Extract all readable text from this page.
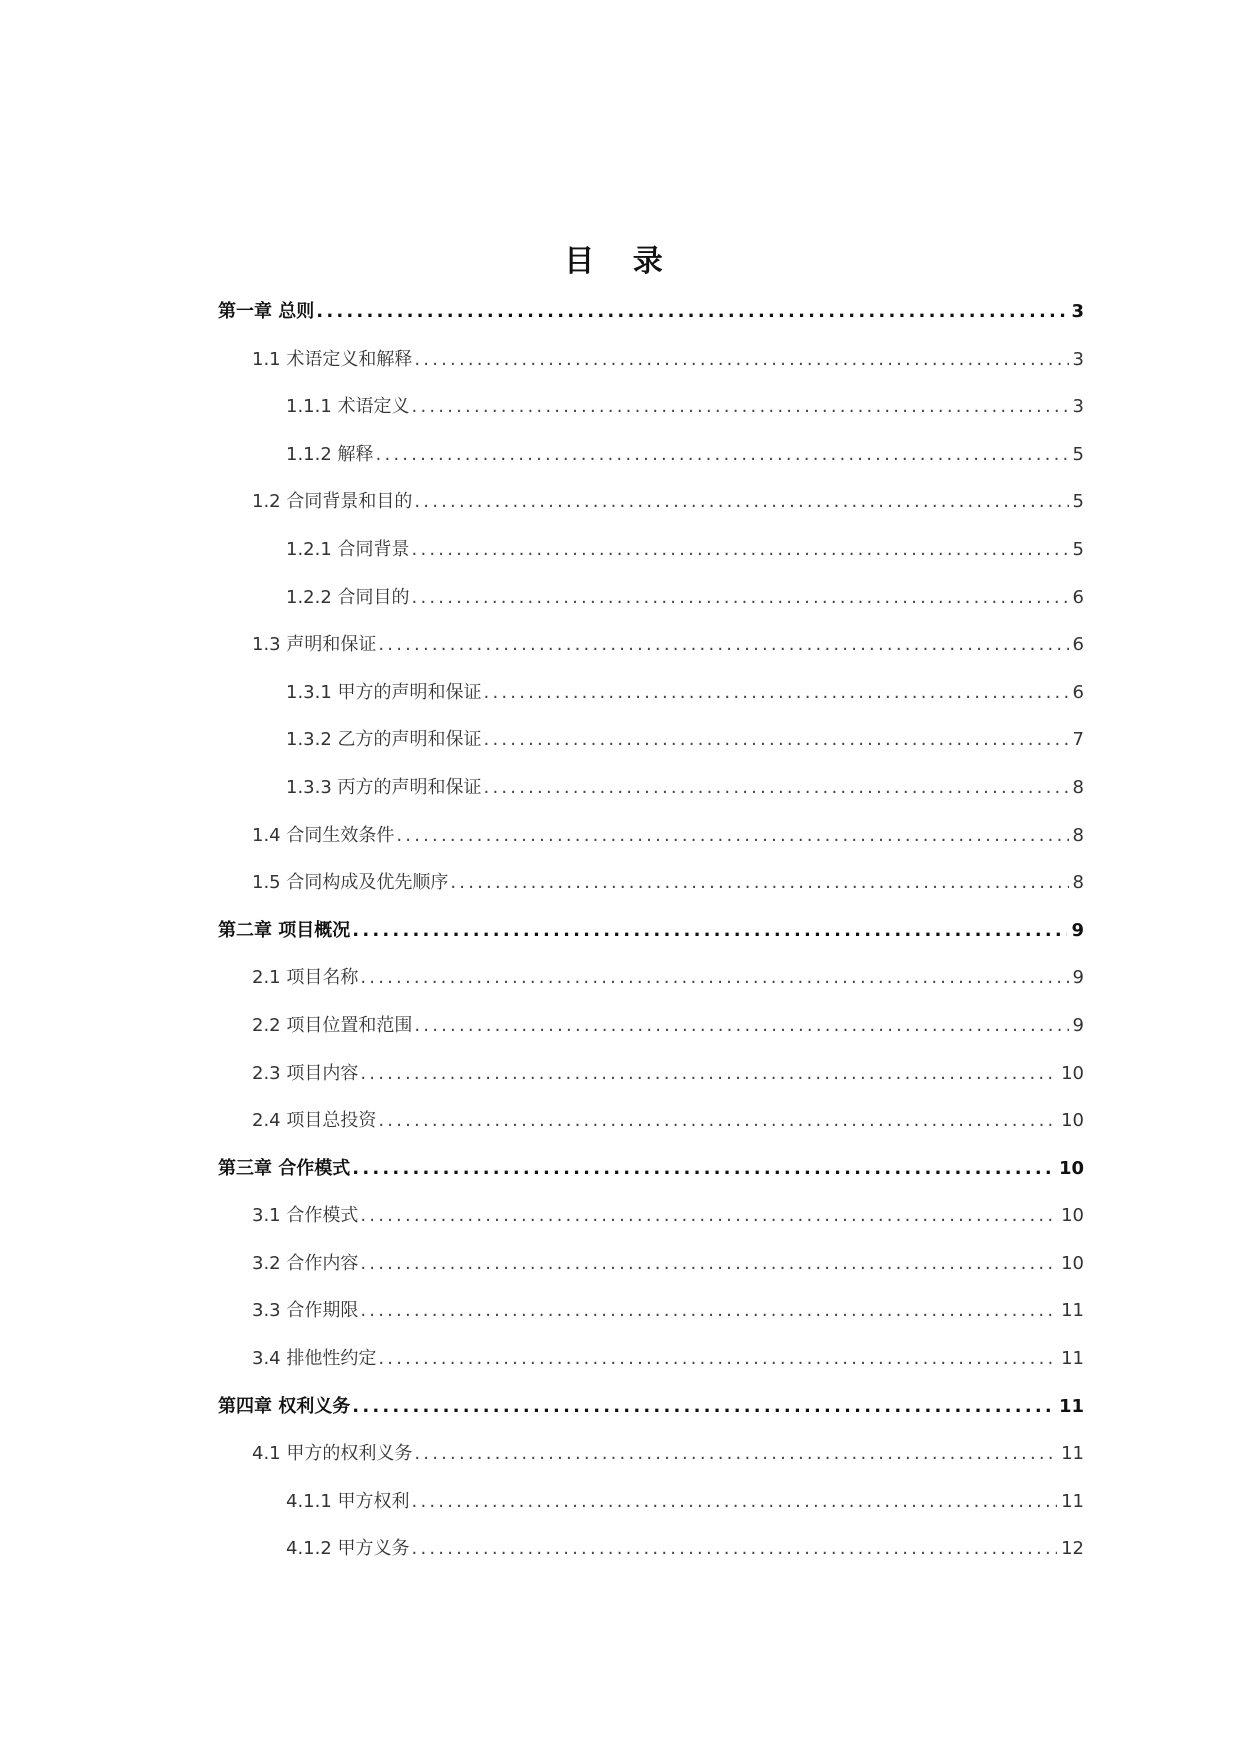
目 录
第一章 总则 .....	3
1.1 术语定义和解释 .....	3
1.1.1 术语定义 .....	3
1.1.2 解释 .....	5
1.2 合同背景和目的 .....	5
1.2.1 合同背景 .....	5
1.2.2 合同目的 .....	6
1.3 声明和保证 .....	6
1.3.1 甲方的声明和保证 .....	6
1.3.2 乙方的声明和保证 .....	7
1.3.3 丙方的声明和保证 .....	8
1.4 合同生效条件 .....	8
1.5 合同构成及优先顺序 .....	8
第二章 项目概况 .....	9
2.1 项目名称 .....	9
2.2 项目位置和范围 .....	9
2.3 项目内容 .....	10
2.4 项目总投资 .....	10
第三章 合作模式 .....	10
3.1 合作模式 .....	10
3.2 合作内容 .....	10
3.3 合作期限 .....	11
3.4 排他性约定 .....	11
第四章 权利义务 .....	11
4.1 甲方的权利义务 .....	11
4.1.1 甲方权利 .....	11
4.1.2 甲方义务 .....	12
